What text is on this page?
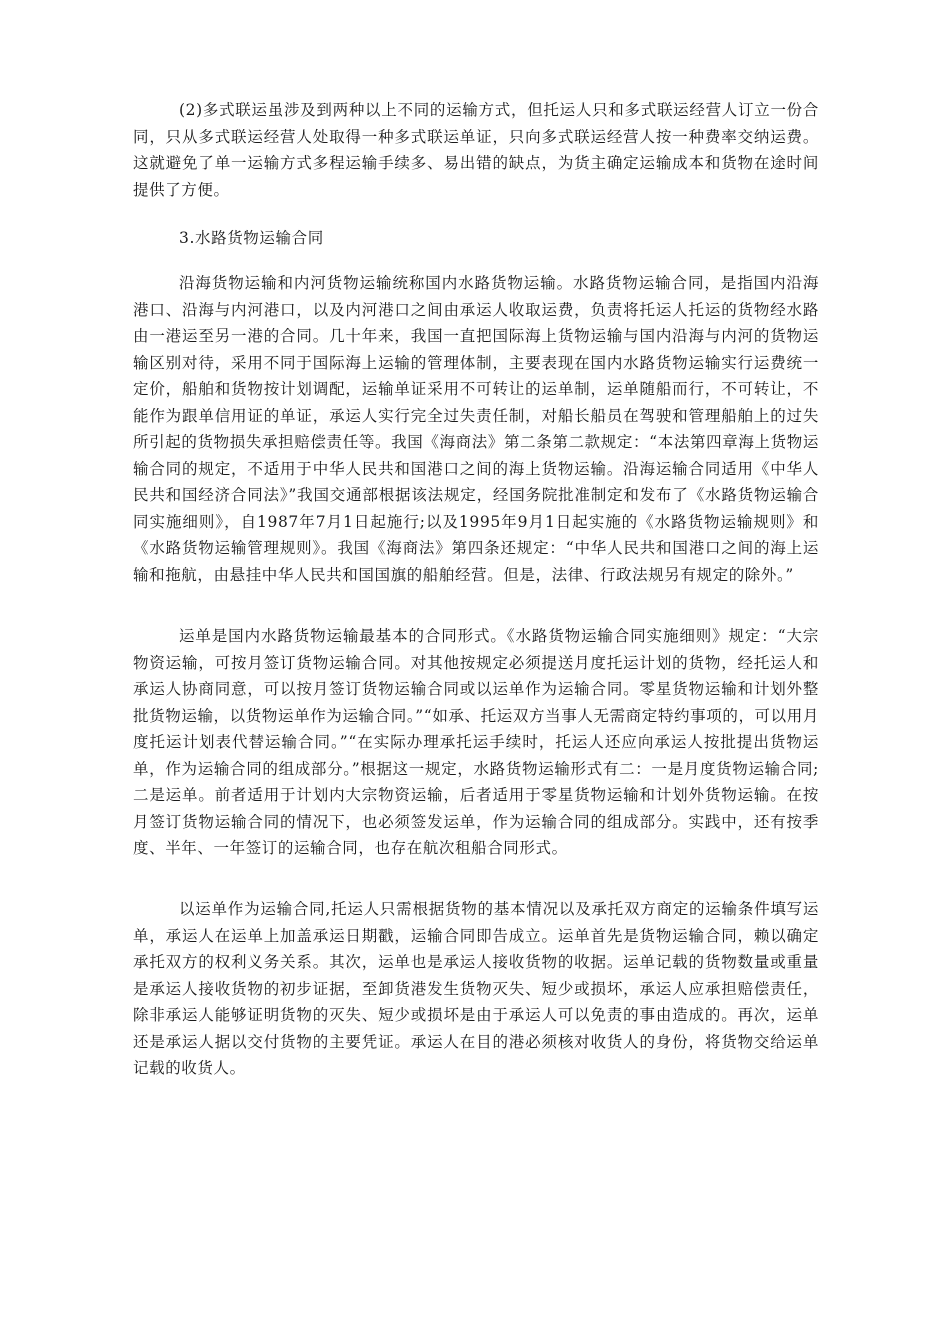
(2)多式联运虽涉及到两种以上不同的运输方式，但托运人只和多式联运经营人订立一份合同，只从多式联运经营人处取得一种多式联运单证，只向多式联运经营人按一种费率交纳运费。这就避免了单一运输方式多程运输手续多、易出错的缺点，为货主确定运输成本和货物在途时间提供了方便。

3.水路货物运输合同

沿海货物运输和内河货物运输统称国内水路货物运输。水路货物运输合同，是指国内沿海港口、沿海与内河港口，以及内河港口之间由承运人收取运费，负责将托运人托运的货物经水路由一港运至另一港的合同。几十年来，我国一直把国际海上货物运输与国内沿海与内河的货物运输区别对待，采用不同于国际海上运输的管理体制，主要表现在国内水路货物运输实行运费统一定价，船舶和货物按计划调配，运输单证采用不可转让的运单制，运单随船而行，不可转让，不能作为跟单信用证的单证，承运人实行完全过失责任制，对船长船员在驾驶和管理船舶上的过失所引起的货物损失承担赔偿责任等。我国《海商法》第二条第二款规定：“本法第四章海上货物运输合同的规定，不适用于中华人民共和国港口之间的海上货物运输。沿海运输合同适用《中华人民共和国经济合同法》”我国交通部根据该法规定，经国务院批准制定和发布了《水路货物运输合同实施细则》，自1987年7月1日起施行;以及1995年9月1日起实施的《水路货物运输规则》和《水路货物运输管理规则》。我国《海商法》第四条还规定：“中华人民共和国港口之间的海上运输和拖航，由悬挂中华人民共和国国旗的船舶经营。但是，法律、行政法规另有规定的除外。”

运单是国内水路货物运输最基本的合同形式。《水路货物运输合同实施细则》规定：“大宗物资运输，可按月签订货物运输合同。对其他按规定必须提送月度托运计划的货物，经托运人和承运人协商同意，可以按月签订货物运输合同或以运单作为运输合同。零星货物运输和计划外整批货物运输，以货物运单作为运输合同。”“如承、托运双方当事人无需商定特约事项的，可以用月度托运计划表代替运输合同。”“在实际办理承托运手续时，托运人还应向承运人按批提出货物运单，作为运输合同的组成部分。”根据这一规定，水路货物运输形式有二：一是月度货物运输合同;二是运单。前者适用于计划内大宗物资运输，后者适用于零星货物运输和计划外货物运输。在按月签订货物运输合同的情况下，也必须签发运单，作为运输合同的组成部分。实践中，还有按季度、半年、一年签订的运输合同，也存在航次租船合同形式。

以运单作为运输合同,托运人只需根据货物的基本情况以及承托双方商定的运输条件填写运单，承运人在运单上加盖承运日期戳，运输合同即告成立。运单首先是货物运输合同，赖以确定承托双方的权利义务关系。其次，运单也是承运人接收货物的收据。运单记载的货物数量或重量是承运人接收货物的初步证据，至卸货港发生货物灭失、短少或损坏，承运人应承担赔偿责任，除非承运人能够证明货物的灭失、短少或损坏是由于承运人可以免责的事由造成的。再次，运单还是承运人据以交付货物的主要凭证。承运人在目的港必须核对收货人的身份，将货物交给运单记载的收货人。
